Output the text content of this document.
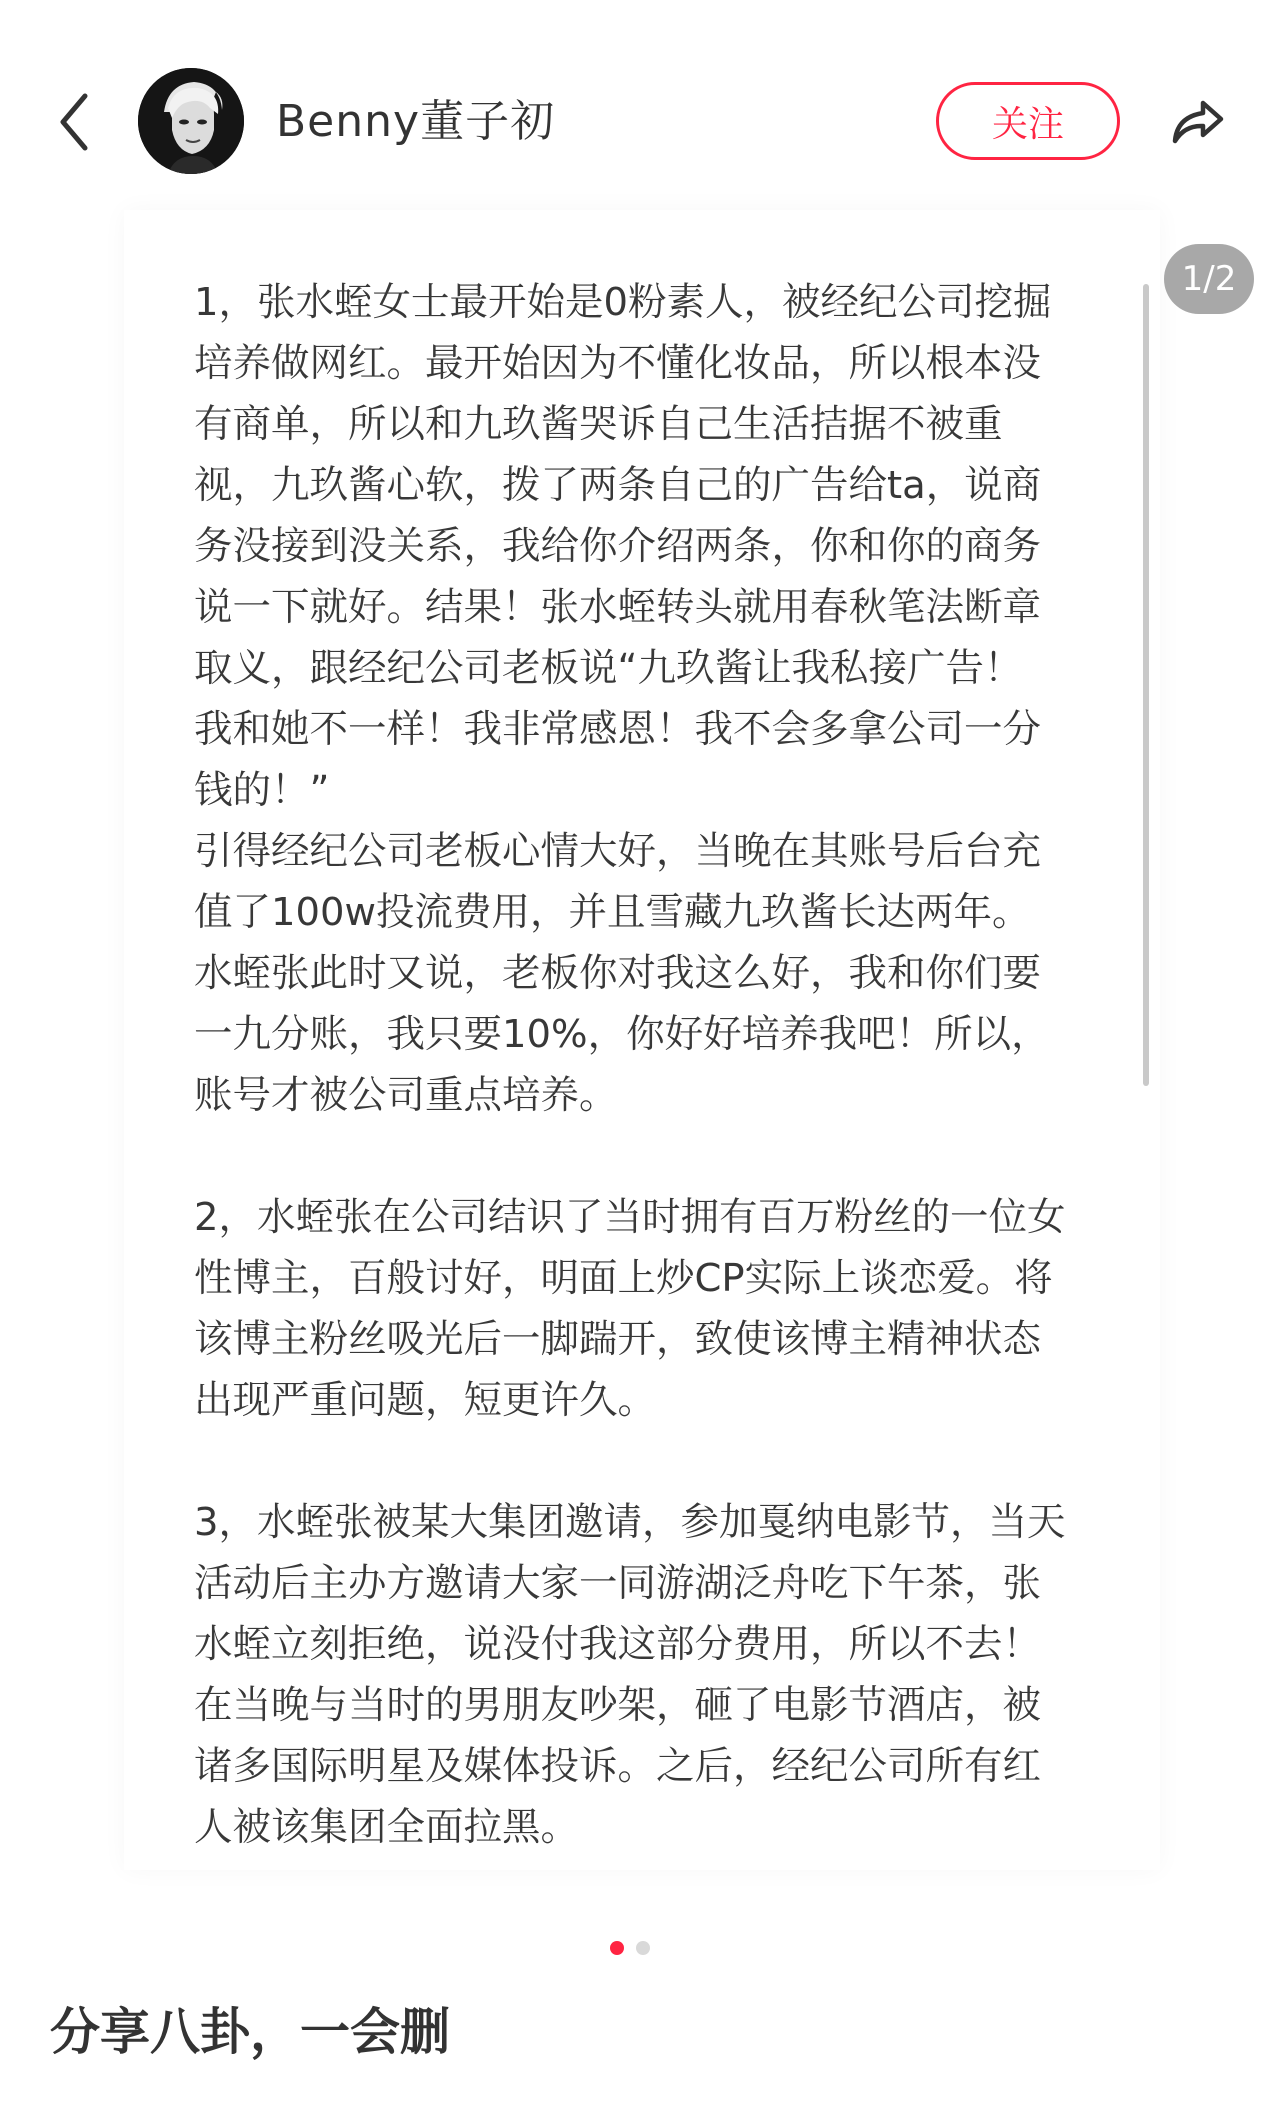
Benny董子初	关注
1，张水蛭女士最开始是0粉素人，被经纪公司挖掘
培养做网红。最开始因为不懂化妆品，所以根本没
有商单，所以和九玖酱哭诉自己生活拮据不被重
视，九玖酱心软，拨了两条自己的广告给ta，说商
务没接到没关系，我给你介绍两条，你和你的商务
说一下就好。结果！张水蛭转头就用春秋笔法断章
取义，跟经纪公司老板说“九玖酱让我私接广告！
我和她不一样！我非常感恩！我不会多拿公司一分
钱的！”
引得经纪公司老板心情大好，当晚在其账号后台充
值了100w投流费用，并且雪藏九玖酱长达两年。
水蛭张此时又说，老板你对我这么好，我和你们要
一九分账，我只要10%，你好好培养我吧！所以，
账号才被公司重点培养。

2，水蛭张在公司结识了当时拥有百万粉丝的一位女
性博主，百般讨好，明面上炒CP实际上谈恋爱。将
该博主粉丝吸光后一脚踹开，致使该博主精神状态
出现严重问题，短更许久。

3，水蛭张被某大集团邀请，参加戛纳电影节，当天
活动后主办方邀请大家一同游湖泛舟吃下午茶，张
水蛭立刻拒绝，说没付我这部分费用，所以不去！
在当晚与当时的男朋友吵架，砸了电影节酒店，被
诸多国际明星及媒体投诉。之后，经纪公司所有红
人被该集团全面拉黑。
1/2
分享八卦，一会删
